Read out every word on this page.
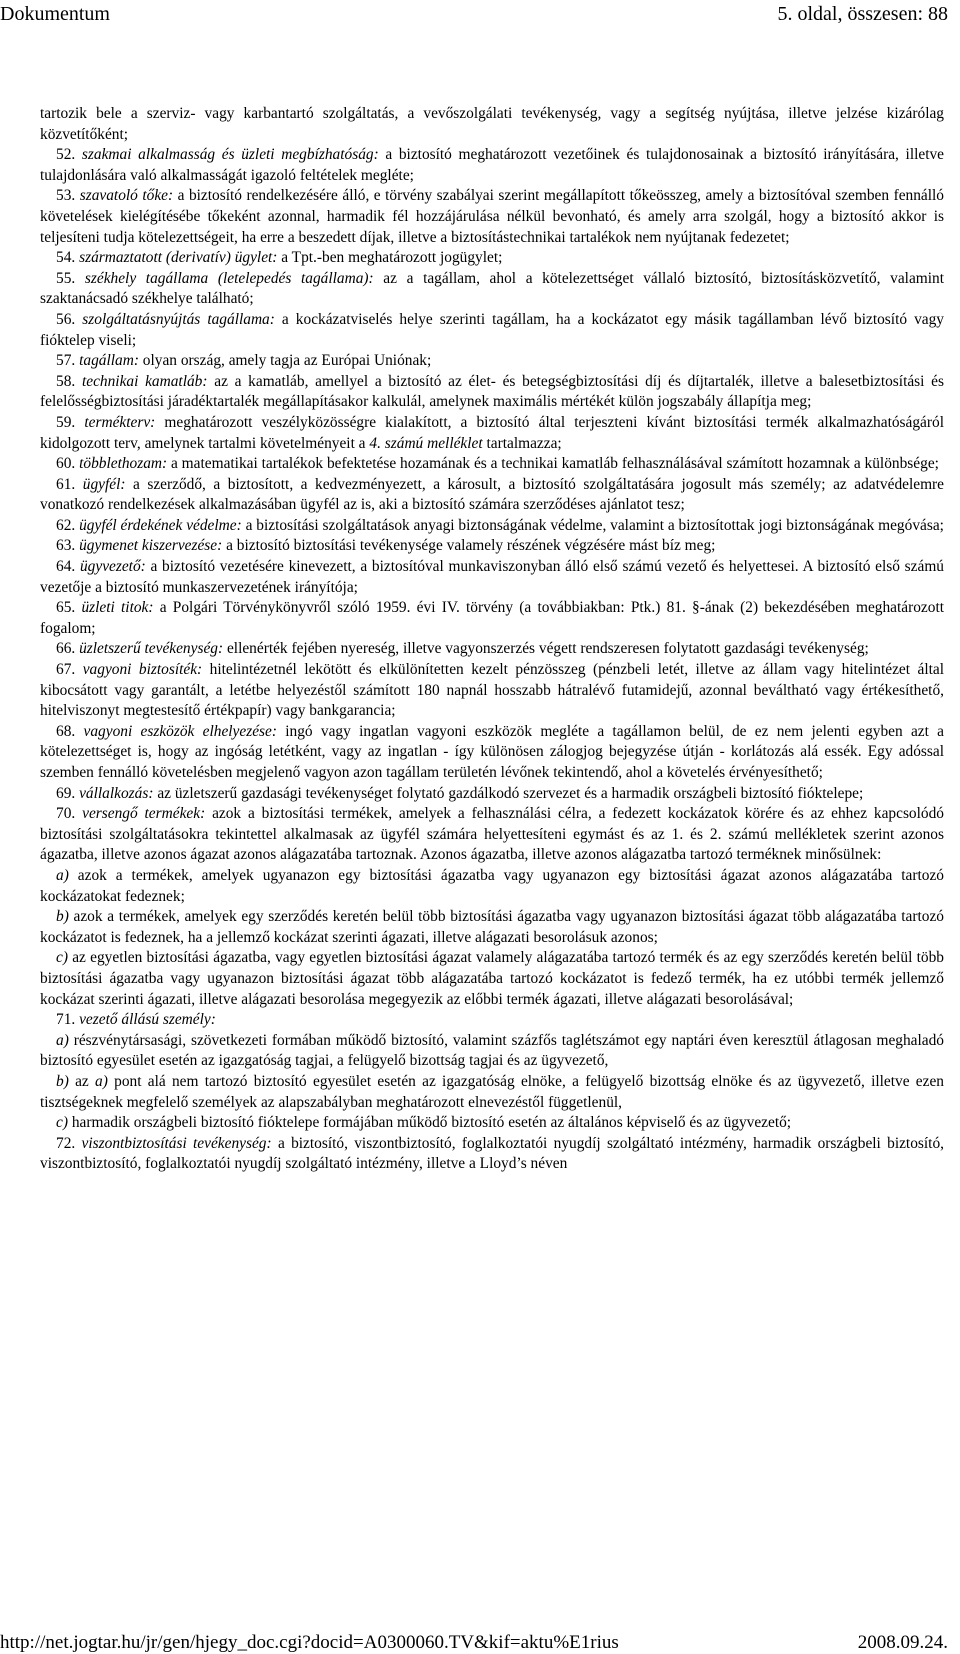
Dokumentum	5. oldal, összesen: 88

tartozik bele a szerviz- vagy karbantartó szolgáltatás, a vevőszolgálati tevékenység, vagy a segítség nyújtása, illetve jelzése kizárólag közvetítőként;

52. szakmai alkalmasság és üzleti megbízhatóság: a biztosító meghatározott vezetőinek és tulajdonosainak a biztosító irányítására, illetve tulajdonlására való alkalmasságát igazoló feltételek megléte;

53. szavatoló tőke: a biztosító rendelkezésére álló, e törvény szabályai szerint megállapított tőkeösszeg, amely a biztosítóval szemben fennálló követelések kielégítésébe tőkeként azonnal, harmadik fél hozzájárulása nélkül bevonható, és amely arra szolgál, hogy a biztosító akkor is teljesíteni tudja kötelezettségeit, ha erre a beszedett díjak, illetve a biztosítástechnikai tartalékok nem nyújtanak fedezetet;

54. származtatott (derivatív) ügylet: a Tpt.-ben meghatározott jogügylet;

55. székhely tagállama (letelepedés tagállama): az a tagállam, ahol a kötelezettséget vállaló biztosító, biztosításközvetítő, valamint szaktanácsadó székhelye található;

56. szolgáltatásnyújtás tagállama: a kockázatviselés helye szerinti tagállam, ha a kockázatot egy másik tagállamban lévő biztosító vagy fióktelep viseli;

57. tagállam: olyan ország, amely tagja az Európai Uniónak;

58. technikai kamatláb: az a kamatláb, amellyel a biztosító az élet- és betegségbiztosítási díj és díjtartalék, illetve a balesetbiztosítási és felelősségbiztosítási járadéktartalék megállapításakor kalkulál, amelynek maximális mértékét külön jogszabály állapítja meg;

59. termékterv: meghatározott veszélyközösségre kialakított, a biztosító által terjeszteni kívánt biztosítási termék alkalmazhatóságáról kidolgozott terv, amelynek tartalmi követelményeit a 4. számú melléklet tartalmazza;

60. többlethozam: a matematikai tartalékok befektetése hozamának és a technikai kamatláb felhasználásával számított hozamnak a különbsége;

61. ügyfél: a szerződő, a biztosított, a kedvezményezett, a károsult, a biztosító szolgáltatására jogosult más személy; az adatvédelemre vonatkozó rendelkezések alkalmazásában ügyfél az is, aki a biztosító számára szerződéses ajánlatot tesz;

62. ügyfél érdekének védelme: a biztosítási szolgáltatások anyagi biztonságának védelme, valamint a biztosítottak jogi biztonságának megóvása;

63. ügymenet kiszervezése: a biztosító biztosítási tevékenysége valamely részének végzésére mást bíz meg;

64. ügyvezető: a biztosító vezetésére kinevezett, a biztosítóval munkaviszonyban álló első számú vezető és helyettesei. A biztosító első számú vezetője a biztosító munkaszervezetének irányítója;

65. üzleti titok: a Polgári Törvénykönyvről szóló 1959. évi IV. törvény (a továbbiakban: Ptk.) 81. §-ának (2) bekezdésében meghatározott fogalom;

66. üzletszerű tevékenység: ellenérték fejében nyereség, illetve vagyonszerzés végett rendszeresen folytatott gazdasági tevékenység;

67. vagyoni biztosíték: hitelintézetnél lekötött és elkülönítetten kezelt pénzösszeg (pénzbeli letét, illetve az állam vagy hitelintézet által kibocsátott vagy garantált, a letétbe helyezéstől számított 180 napnál hosszabb hátralévő futamidejű, azonnal beváltható vagy értékesíthető, hitelviszonyt megtestesítő értékpapír) vagy bankgarancia;

68. vagyoni eszközök elhelyezése: ingó vagy ingatlan vagyoni eszközök megléte a tagállamon belül, de ez nem jelenti egyben azt a kötelezettséget is, hogy az ingóság letétként, vagy az ingatlan - így különösen zálogjog bejegyzése útján - korlátozás alá essék. Egy adóssal szemben fennálló követelésben megjelenő vagyon azon tagállam területén lévőnek tekintendő, ahol a követelés érvényesíthető;

69. vállalkozás: az üzletszerű gazdasági tevékenységet folytató gazdálkodó szervezet és a harmadik országbeli biztosító fióktelepe;

70. versengő termékek: azok a biztosítási termékek, amelyek a felhasználási célra, a fedezett kockázatok körére és az ehhez kapcsolódó biztosítási szolgáltatásokra tekintettel alkalmasak az ügyfél számára helyettesíteni egymást és az 1. és 2. számú mellékletek szerint azonos ágazatba, illetve azonos ágazat azonos alágazatába tartoznak. Azonos ágazatba, illetve azonos alágazatba tartozó terméknek minősülnek:

a) azok a termékek, amelyek ugyanazon egy biztosítási ágazatba vagy ugyanazon egy biztosítási ágazat azonos alágazatába tartozó kockázatokat fedeznek;

b) azok a termékek, amelyek egy szerződés keretén belül több biztosítási ágazatba vagy ugyanazon biztosítási ágazat több alágazatába tartozó kockázatot is fedeznek, ha a jellemző kockázat szerinti ágazati, illetve alágazati besorolásuk azonos;

c) az egyetlen biztosítási ágazatba, vagy egyetlen biztosítási ágazat valamely alágazatába tartozó termék és az egy szerződés keretén belül több biztosítási ágazatba vagy ugyanazon biztosítási ágazat több alágazatába tartozó kockázatot is fedező termék, ha ez utóbbi termék jellemző kockázat szerinti ágazati, illetve alágazati besorolása megegyezik az előbbi termék ágazati, illetve alágazati besorolásával;

71. vezető állású személy:

a) részvénytársasági, szövetkezeti formában működő biztosító, valamint százfős taglétszámot egy naptári éven keresztül átlagosan meghaladó biztosító egyesület esetén az igazgatóság tagjai, a felügyelő bizottság tagjai és az ügyvezető,

b) az a) pont alá nem tartozó biztosító egyesület esetén az igazgatóság elnöke, a felügyelő bizottság elnöke és az ügyvezető, illetve ezen tisztségeknek megfelelő személyek az alapszabályban meghatározott elnevezéstől függetlenül,

c) harmadik országbeli biztosító fióktelepe formájában működő biztosító esetén az általános képviselő és az ügyvezető;

72. viszontbiztosítási tevékenység: a biztosító, viszontbiztosító, foglalkoztatói nyugdíj szolgáltató intézmény, harmadik országbeli biztosító, viszontbiztosító, foglalkoztatói nyugdíj szolgáltató intézmény, illetve a Lloyd’s néven

http://net.jogtar.hu/jr/gen/hjegy_doc.cgi?docid=A0300060.TV&kif=aktu%E1rius	2008.09.24.
